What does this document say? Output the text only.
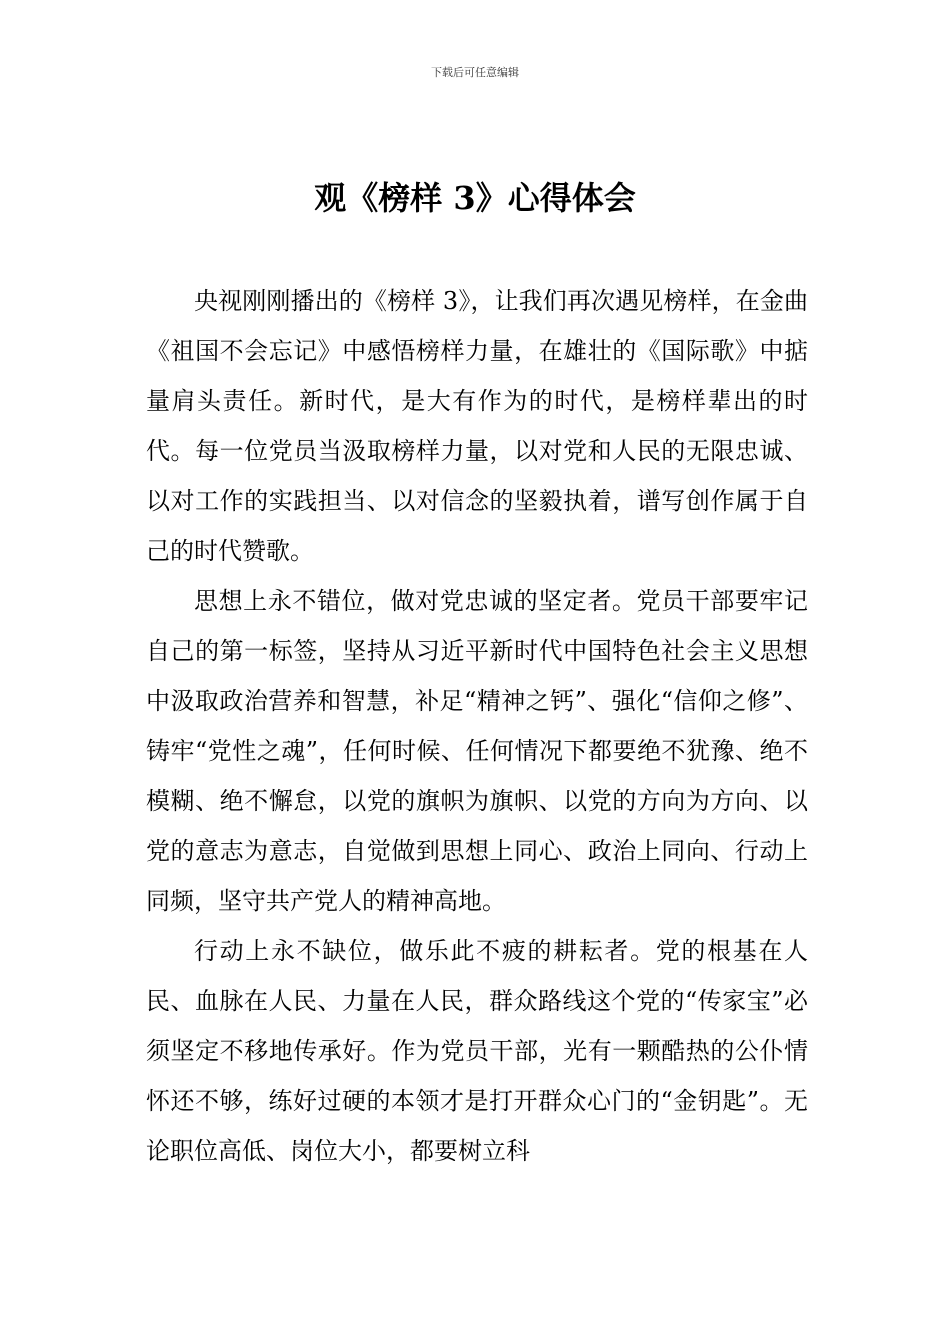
下载后可任意编辑
观《榜样 3》心得体会

央视刚刚播出的《榜样 3》，让我们再次遇见榜样，在金曲《祖国不会忘记》中感悟榜样力量，在雄壮的《国际歌》中掂量肩头责任。新时代，是大有作为的时代，是榜样辈出的时代。每一位党员当汲取榜样力量，以对党和人民的无限忠诚、以对工作的实践担当、以对信念的坚毅执着，谱写创作属于自己的时代赞歌。

思想上永不错位，做对党忠诚的坚定者。党员干部要牢记自己的第一标签，坚持从习近平新时代中国特色社会主义思想中汲取政治营养和智慧，补足“精神之钙”、强化“信仰之修”、铸牢“党性之魂”，任何时候、任何情况下都要绝不犹豫、绝不模糊、绝不懈怠，以党的旗帜为旗帜、以党的方向为方向、以党的意志为意志，自觉做到思想上同心、政治上同向、行动上同频，坚守共产党人的精神高地。

行动上永不缺位，做乐此不疲的耕耘者。党的根基在人民、血脉在人民、力量在人民，群众路线这个党的“传家宝”必须坚定不移地传承好。作为党员干部，光有一颗酷热的公仆情怀还不够，练好过硬的本领才是打开群众心门的“金钥匙”。无论职位高低、岗位大小，都要树立科
